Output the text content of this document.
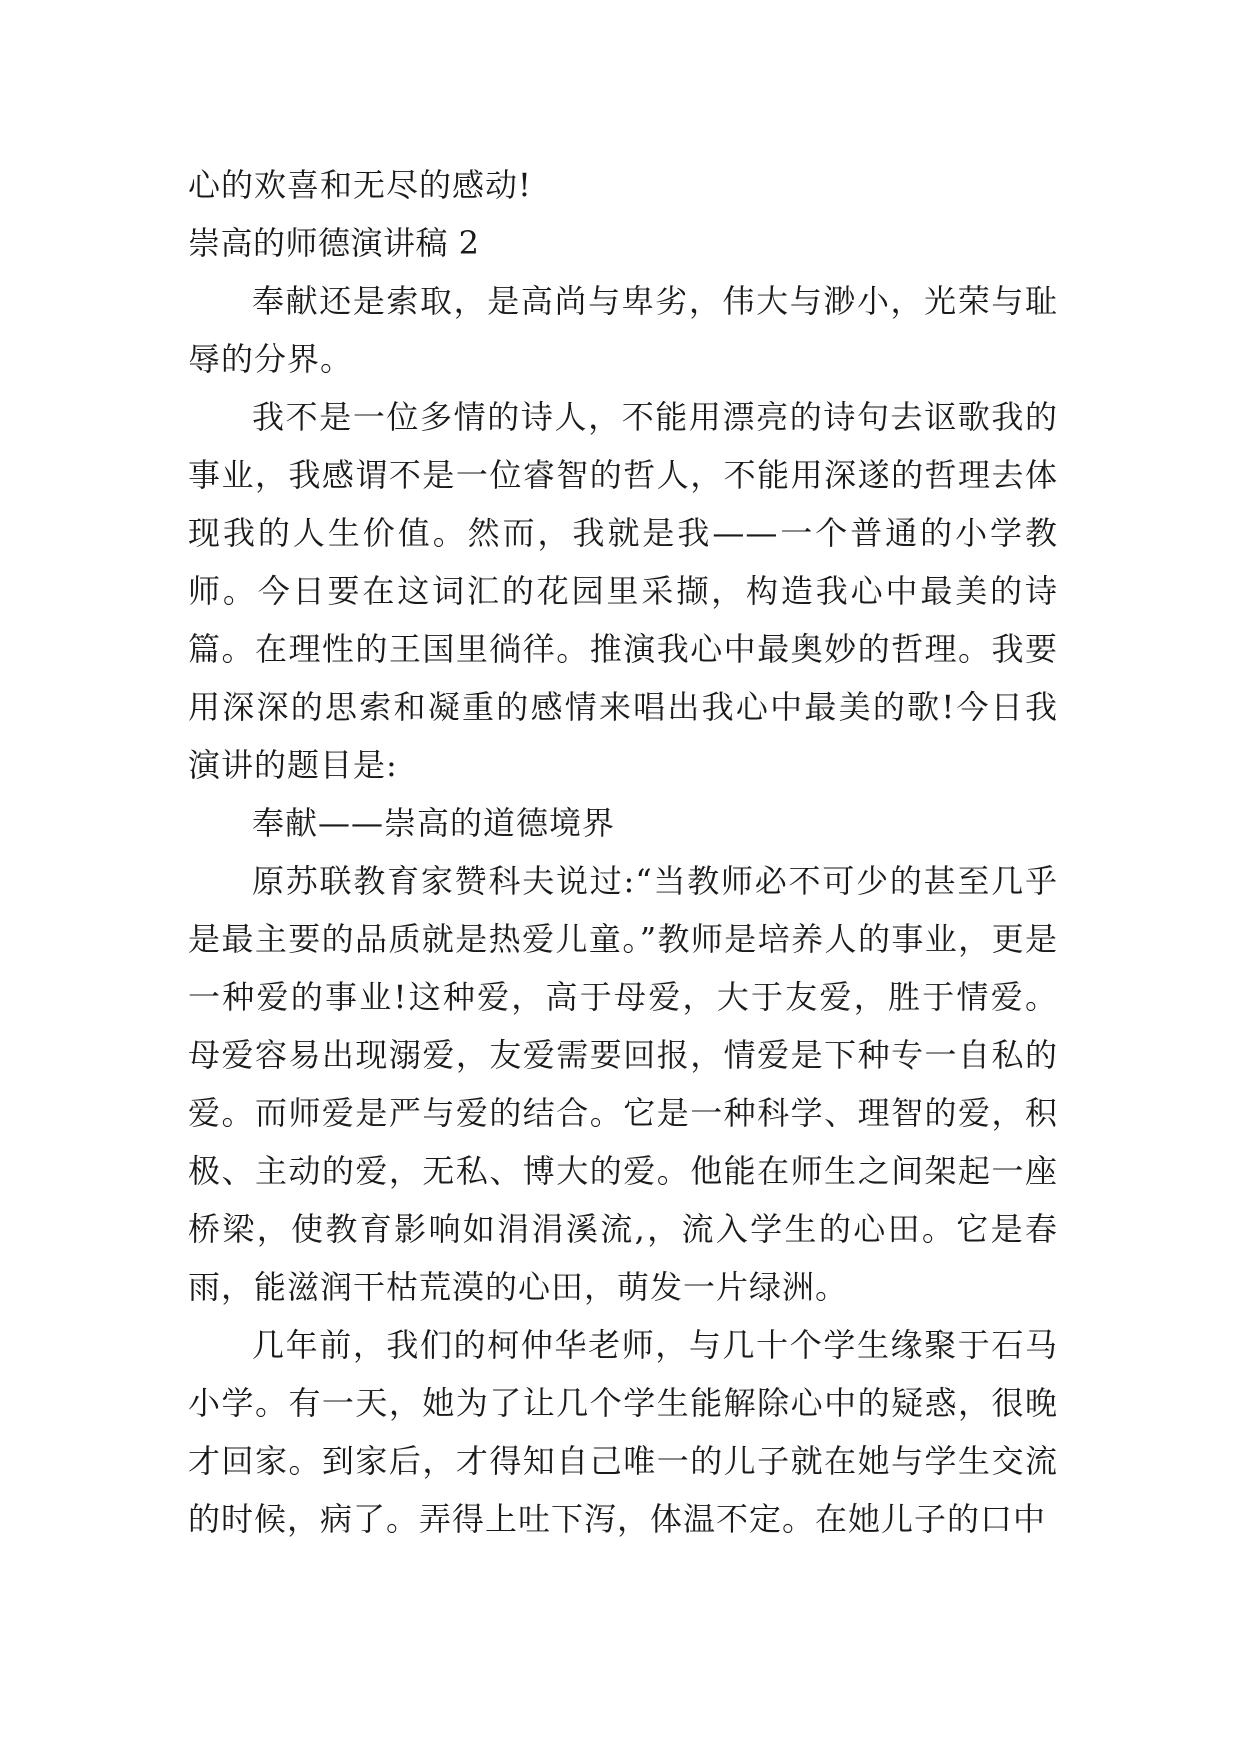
心的欢喜和无尽的感动!

崇高的师德演讲稿 2

奉献还是索取，是高尚与卑劣，伟大与渺小，光荣与耻辱的分界。

我不是一位多情的诗人，不能用漂亮的诗句去讴歌我的事业，我感谓不是一位睿智的哲人，不能用深遂的哲理去体现我的人生价值。然而，我就是我——一个普通的小学教师。今日要在这词汇的花园里采撷，构造我心中最美的诗篇。在理性的王国里徜徉。推演我心中最奥妙的哲理。我要用深深的思索和凝重的感情来唱出我心中最美的歌!今日我演讲的题目是:

奉献——崇高的道德境界

原苏联教育家赞科夫说过:“当教师必不可少的甚至几乎是最主要的品质就是热爱儿童。”教师是培养人的事业，更是一种爱的事业!这种爱，高于母爱，大于友爱，胜于情爱。母爱容易出现溺爱，友爱需要回报，情爱是下种专一自私的爱。而师爱是严与爱的结合。它是一种科学、理智的爱，积极、主动的爱，无私、博大的爱。他能在师生之间架起一座桥梁，使教育影响如涓涓溪流,，流入学生的心田。它是春雨，能滋润干枯荒漠的心田，萌发一片绿洲。

几年前，我们的柯仲华老师，与几十个学生缘聚于石马小学。有一天，她为了让几个学生能解除心中的疑惑，很晚才回家。到家后，才得知自己唯一的儿子就在她与学生交流的时候，病了。弄得上吐下泻，体温不定。在她儿子的口中
